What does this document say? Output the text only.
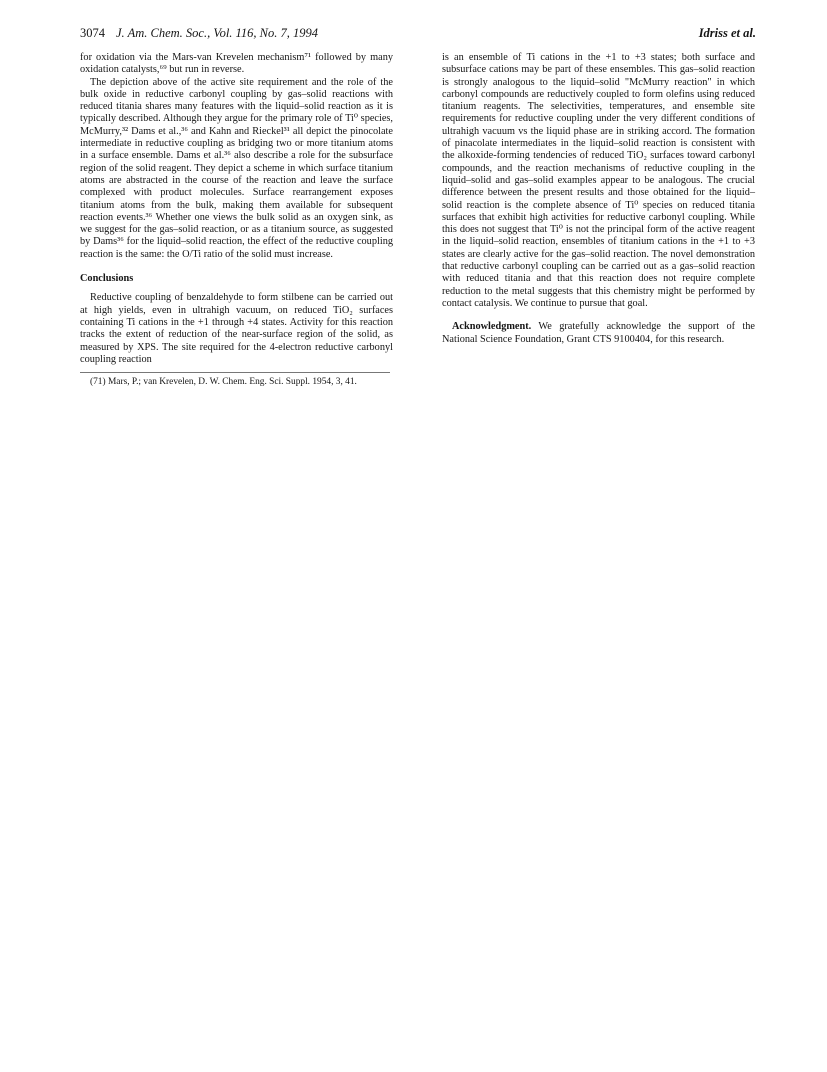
3074 J. Am. Chem. Soc., Vol. 116, No. 7, 1994	Idriss et al.

for oxidation via the Mars-van Krevelen mechanism⁷¹ followed by many oxidation catalysts,⁶⁹ but run in reverse.

The depiction above of the active site requirement and the role of the bulk oxide in reductive carbonyl coupling by gas–solid reactions with reduced titania shares many features with the liquid–solid reaction as it is typically described. Although they argue for the primary role of Ti⁰ species, McMurry,³² Dams et al.,³⁶ and Kahn and Rieckel³¹ all depict the pinocolate intermediate in reductive coupling as bridging two or more titanium atoms in a surface ensemble. Dams et al.³⁶ also describe a role for the subsurface region of the solid reagent. They depict a scheme in which surface titanium atoms are abstracted in the course of the reaction and leave the surface complexed with product molecules. Surface rearrangement exposes titanium atoms from the bulk, making them available for subsequent reaction events.³⁶ Whether one views the bulk solid as an oxygen sink, as we suggest for the gas–solid reaction, or as a titanium source, as suggested by Dams³⁶ for the liquid–solid reaction, the effect of the reductive coupling reaction is the same: the O/Ti ratio of the solid must increase.

Conclusions

Reductive coupling of benzaldehyde to form stilbene can be carried out at high yields, even in ultrahigh vacuum, on reduced TiO₂ surfaces containing Ti cations in the +1 through +4 states. Activity for this reaction tracks the extent of reduction of the near-surface region of the solid, as measured by XPS. The site required for the 4-electron reductive carbonyl coupling reaction

(71) Mars, P.; van Krevelen, D. W. Chem. Eng. Sci. Suppl. 1954, 3, 41.

is an ensemble of Ti cations in the +1 to +3 states; both surface and subsurface cations may be part of these ensembles. This gas–solid reaction is strongly analogous to the liquid–solid "McMurry reaction" in which carbonyl compounds are reductively coupled to form olefins using reduced titanium reagents. The selectivities, temperatures, and ensemble site requirements for reductive coupling under the very different conditions of ultrahigh vacuum vs the liquid phase are in striking accord. The formation of pinacolate intermediates in the liquid–solid reaction is consistent with the alkoxide-forming tendencies of reduced TiO₂ surfaces toward carbonyl compounds, and the reaction mechanisms of reductive coupling in the liquid–solid and gas–solid examples appear to be analogous. The crucial difference between the present results and those obtained for the liquid–solid reaction is the complete absence of Ti⁰ species on reduced titania surfaces that exhibit high activities for reductive carbonyl coupling. While this does not suggest that Ti⁰ is not the principal form of the active reagent in the liquid–solid reaction, ensembles of titanium cations in the +1 to +3 states are clearly active for the gas–solid reaction. The novel demonstration that reductive carbonyl coupling can be carried out as a gas–solid reaction with reduced titania and that this reaction does not require complete reduction to the metal suggests that this chemistry might be performed by contact catalysis. We continue to pursue that goal.

Acknowledgment. We gratefully acknowledge the support of the National Science Foundation, Grant CTS 9100404, for this research.
